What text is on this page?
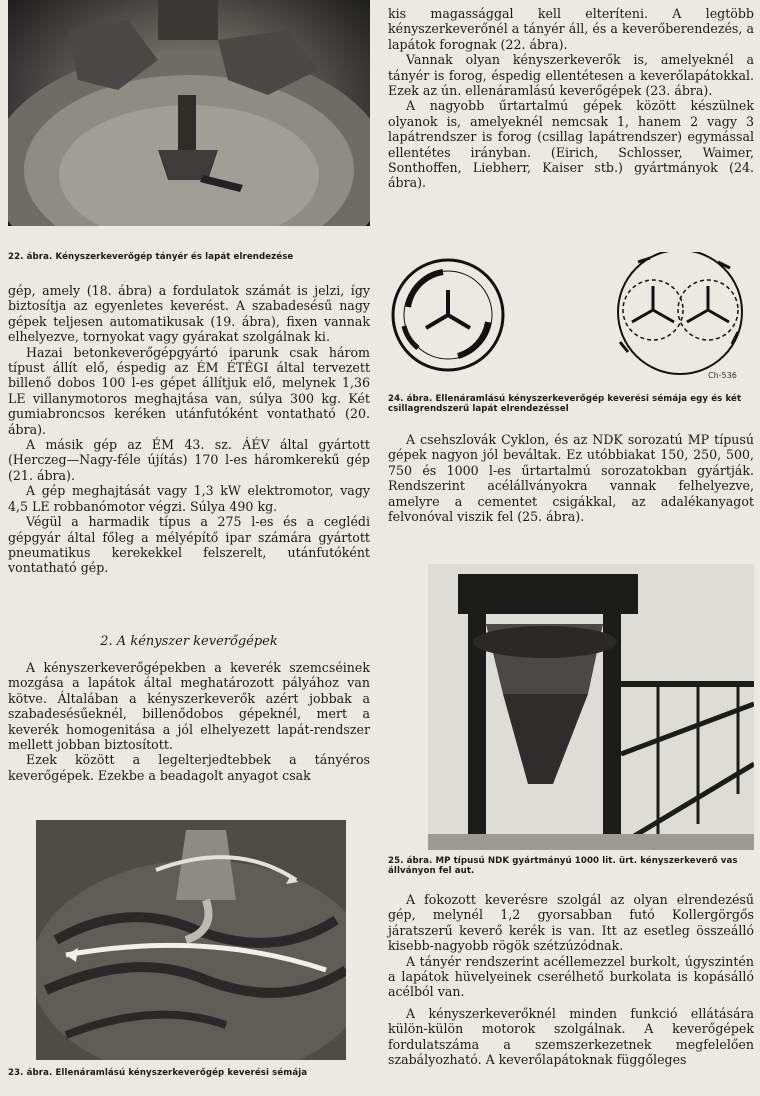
22. ábra. Kényszerkeverőgép tányér és lapát elrendezése

gép, amely (18. ábra) a fordulatok számát is jelzi, így biztosítja az egyenletes keverést. A szabadesésű nagy gépek teljesen automatikusak (19. ábra), fixen vannak elhelyezve, tornyokat vagy gyárakat szolgálnak ki.

Hazai betonkeverőgépgyártó iparunk csak három típust állít elő, éspedig az ÉM ÉTÉGI által tervezett billenő dobos 100 l-es gépet állítjuk elő, melynek 1,36 LE villanymotoros meghajtása van, súlya 300 kg. Két gumiabroncsos keréken utánfutóként vontatható (20. ábra).

A másik gép az ÉM 43. sz. ÁÉV által gyártott (Herczeg—Nagy-féle újítás) 170 l-es háromkerekű gép (21. ábra).

A gép meghajtását vagy 1,3 kW elektromotor, vagy 4,5 LE robbanómotor végzi. Súlya 490 kg.

Végül a harmadik típus a 275 l-es és a ceglédi gépgyár által főleg a mélyépítő ipar számára gyártott pneumatikus kerekekkel felszerelt, utánfutóként vontatható gép.

2. A kényszer keverőgépek

A kényszerkeverőgépekben a keverék szemcséinek mozgása a lapátok által meghatározott pályához van kötve. Általában a kényszerkeverők azért jobbak a szabadesésűeknél, billenődobos gépeknél, mert a keverék homogenitása a jól elhelyezett lapát-rendszer mellett jobban biztosított.

Ezek között a legelterjedtebbek a tányéros keverőgépek. Ezekbe a beadagolt anyagot csak

23. ábra. Ellenáramlású kényszerkeverőgép keverési sémája

kis magassággal kell elteríteni. A legtöbb kényszerkeverőnél a tányér áll, és a keverőberendezés, a lapátok forognak (22. ábra).

Vannak olyan kényszerkeverők is, amelyeknél a tányér is forog, éspedig ellentétesen a keverőlapátokkal. Ezek az ún. ellenáramlású keverőgépek (23. ábra).

A nagyobb űrtartalmú gépek között készülnek olyanok is, amelyeknél nemcsak 1, hanem 2 vagy 3 lapátrendszer is forog (csillag lapátrendszer) egymással ellentétes irányban. (Eirich, Schlosser, Waimer, Sonthoffen, Liebherr, Kaiser stb.) gyártmányok (24. ábra).

Ch-536
24. ábra. Ellenáramlású kényszerkeverőgép keverési sémája egy és két csillagrendszerű lapát elrendezéssel

A csehszlovák Cyklon, és az NDK sorozatú MP típusú gépek nagyon jól beváltak. Ez utóbbiakat 150, 250, 500, 750 és 1000 l-es űrtartalmú sorozatokban gyártják. Rendszerint acélállványokra vannak felhelyezve, amelyre a cementet csigákkal, az adalékanyagot felvonóval viszik fel (25. ábra).

25. ábra. MP típusú NDK gyártmányú 1000 lit. ürt. kényszerkeverő vas állványon fel aut.

A fokozott keverésre szolgál az olyan elrendezésű gép, melynél 1,2 gyorsabban futó Kollergörgős járatszerű keverő kerék is van. Itt az esetleg összeálló kisebb-nagyobb rögök szétzúzódnak.

A tányér rendszerint acéllemezzel burkolt, úgyszintén a lapátok hüvelyeinek cserélhető burkolata is kopásálló acélból van.

A kényszerkeverőknél minden funkció ellátására külön-külön motorok szolgálnak. A keverőgépek fordulatszáma a szemszerkezetnek megfelelően szabályozható. A keverőlapátoknak függőleges
